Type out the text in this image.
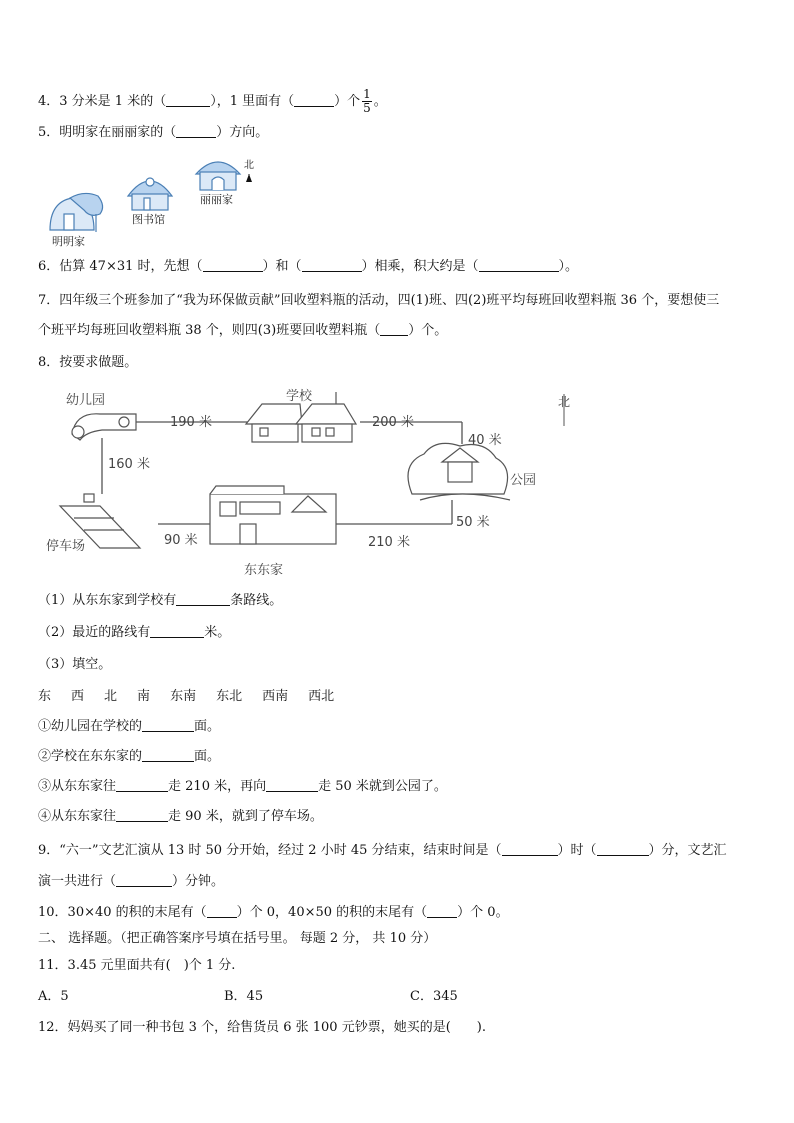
4．3 分米是 1 米的（	），1 里面有（	）个 $\frac{1}{5}$ 。
5．明明家在丽丽家的（	）方向。
明明家
图书馆
丽丽家
北
6．估算 47×31 时，先想（	）和（	）相乘，积大约是（	）。
7．四年级三个班参加了“我为环保做贡献”回收塑料瓶的活动，四(1)班、四(2)班平均每班回收塑料瓶 36 个，要想使三
个班平均每班回收塑料瓶 38 个，则四(3)班要回收塑料瓶（ ）个。
8．按要求做题。
幼儿园	学校	北
公园
停车场
东东家
190 米	200 米
40 米
160 米
50 米
90 米	210 米
（1）从东东家到学校有	条路线。
（2）最近的路线有	米。
（3）填空。
东 西 北 南 东南 东北 西南 西北
①幼儿园在学校的	面。
②学校在东东家的	面。
③从东东家往	走 210 米，再向	走 50 米就到公园了。
④从东东家往	走 90 米，就到了停车场。
9．“六一”文艺汇演从 13 时 50 分开始，经过 2 小时 45 分结束，结束时间是（	）时（	）分，文艺汇
演一共进行（	）分钟。
10．30×40 的积的末尾有（ ）个 0，40×50 的积的末尾有（ ）个 0。
二、 选择题。（把正确答案序号填在括号里。 每题 2 分， 共 10 分）
11．3.45 元里面共有(　)个 1 分.
A．5	B．45	C．345
12．妈妈买了同一种书包 3 个，给售货员 6 张 100 元钞票，她买的是(　　).
